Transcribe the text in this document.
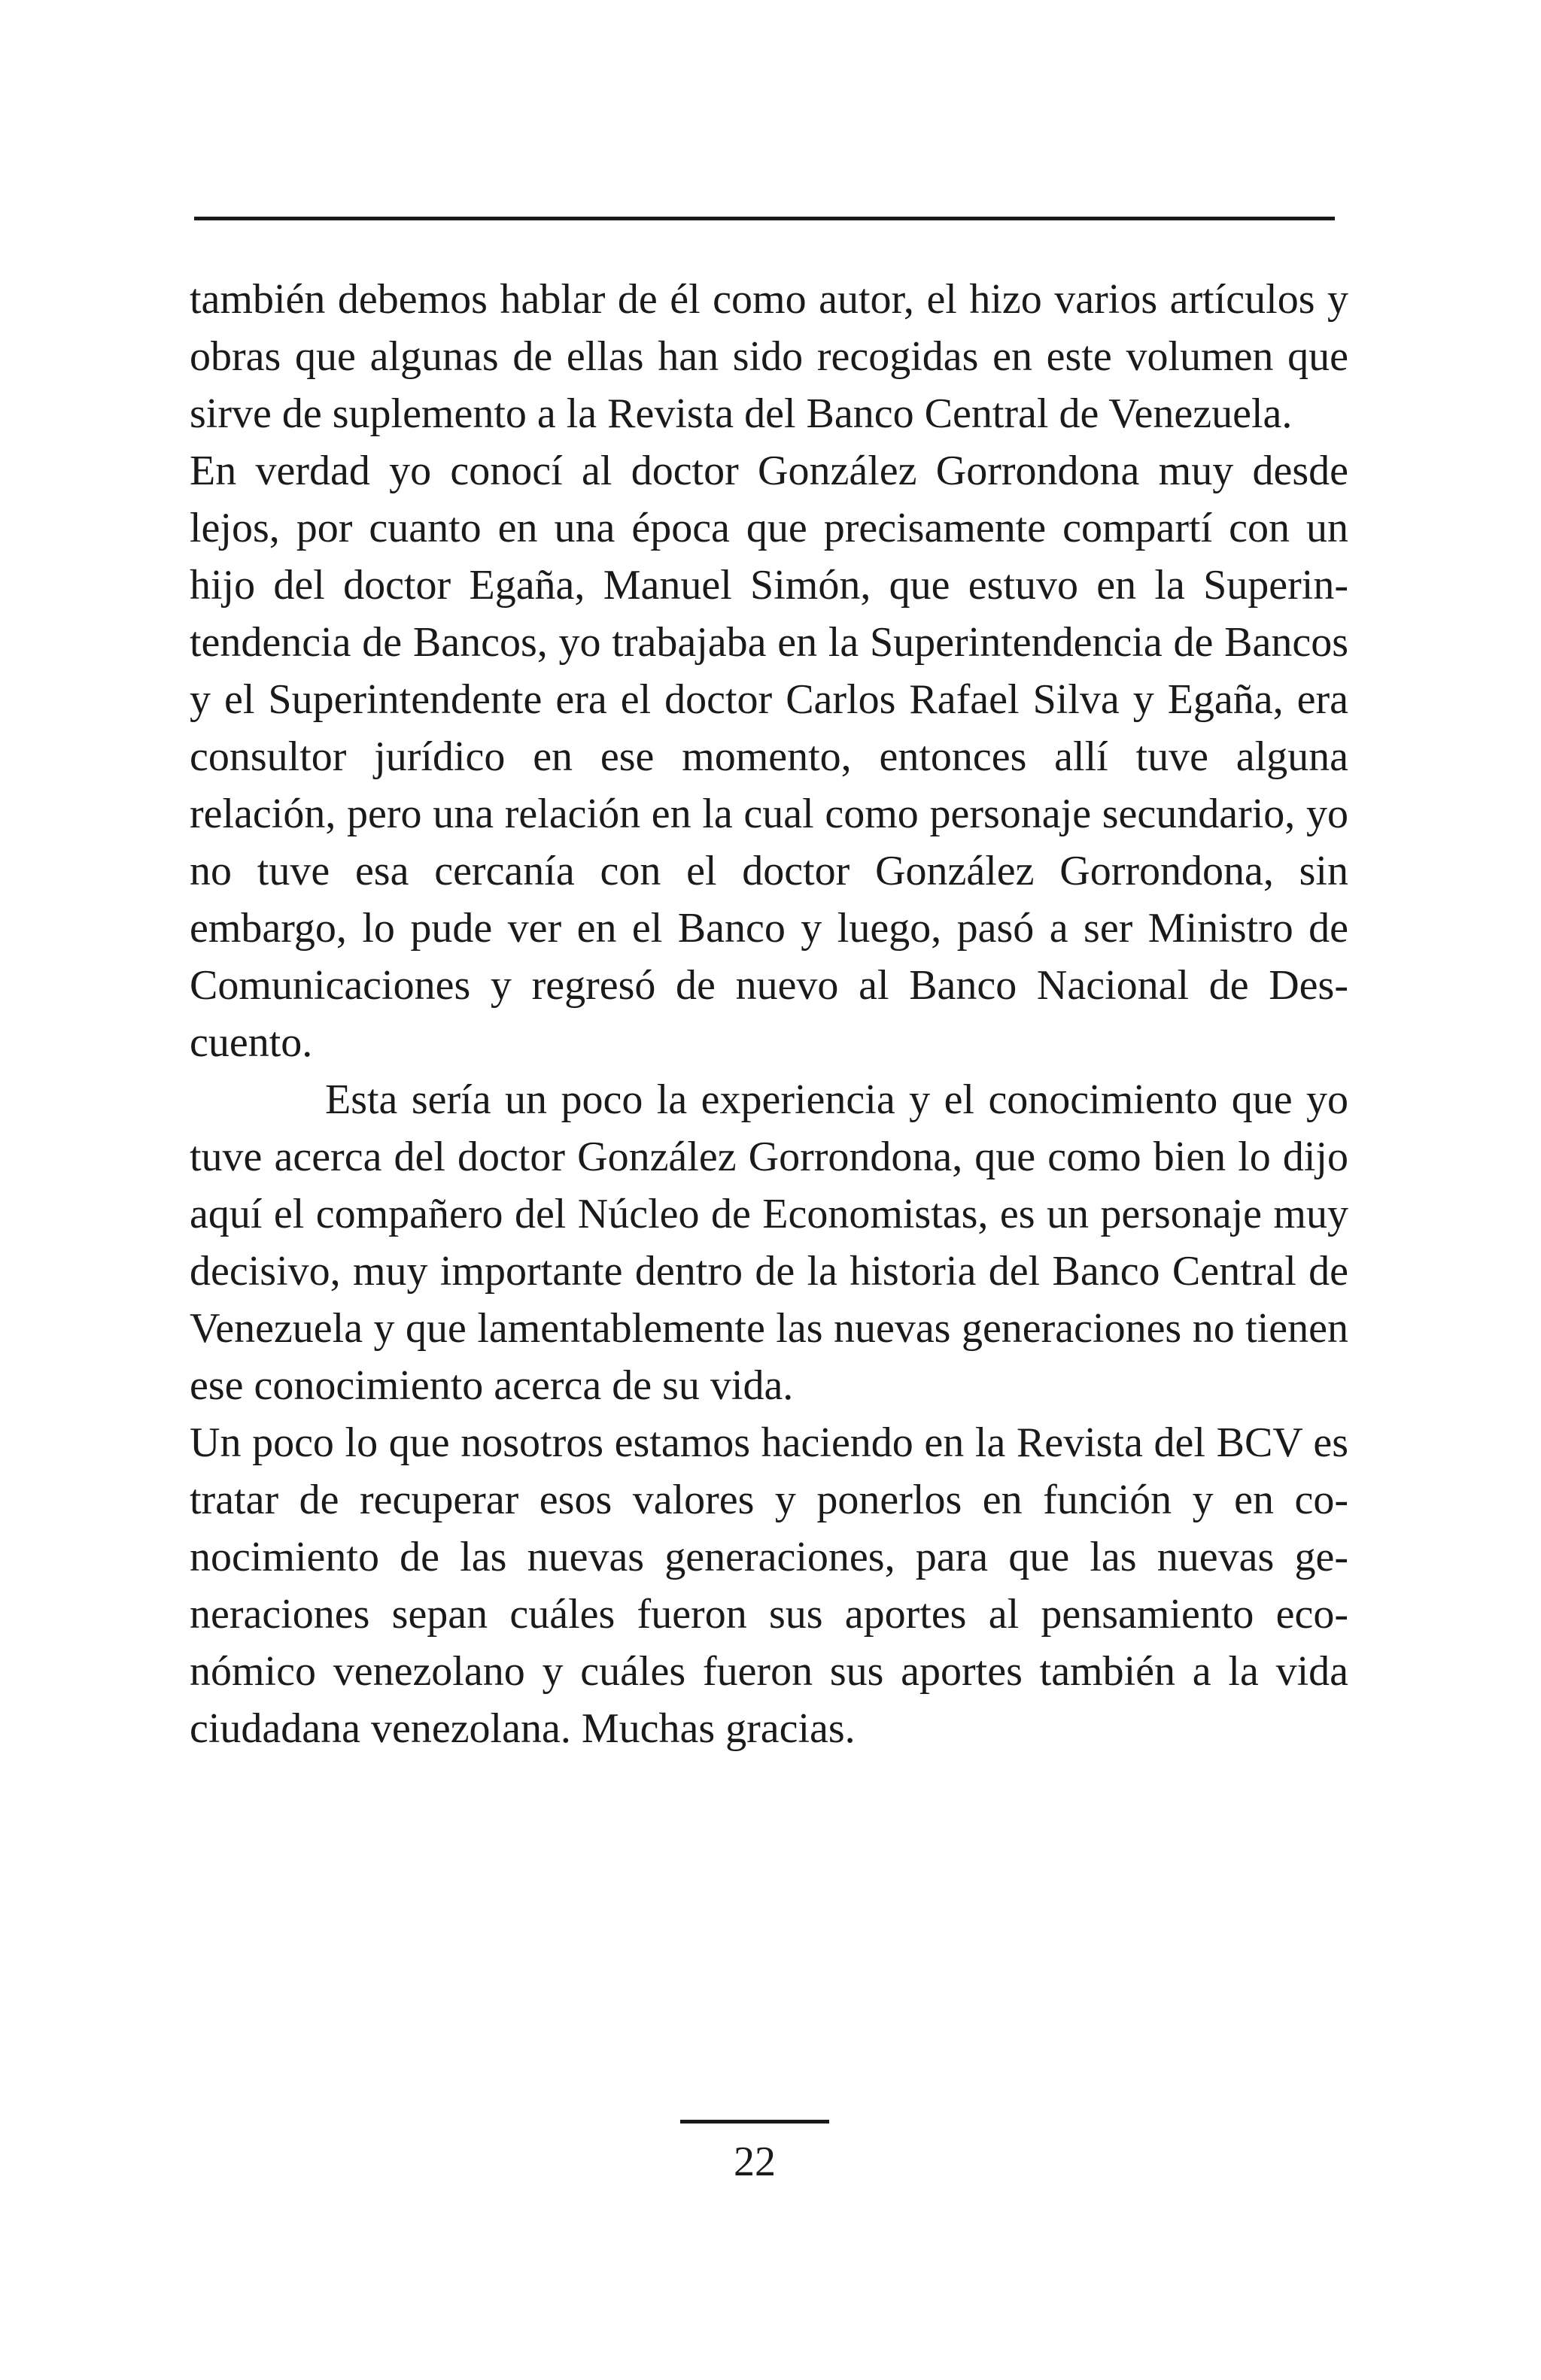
también debemos hablar de él como autor, el hizo varios artículos y obras que algunas de ellas han sido recogidas en este volumen que sirve de suplemento a la Revista del Banco Central de Venezuela.

En verdad yo conocí al doctor González Gorrondona muy desde lejos, por cuanto en una época que precisamente compartí con un hijo del doctor Egaña, Manuel Simón, que estuvo en la Superintendencia de Bancos, yo trabajaba en la Superintendencia de Bancos y el Superintendente era el doctor Carlos Rafael Silva y Egaña, era consultor jurídico en ese momento, entonces allí tuve alguna relación, pero una relación en la cual como personaje secundario, yo no tuve esa cercanía con el doctor González Gorrondona, sin embargo, lo pude ver en el Banco y luego, pasó a ser Ministro de Comunicaciones y regresó de nuevo al Banco Nacional de Descuento.

Esta sería un poco la experiencia y el conocimiento que yo tuve acerca del doctor González Gorrondona, que como bien lo dijo aquí el compañero del Núcleo de Economistas, es un personaje muy decisivo, muy importante dentro de la historia del Banco Central de Venezuela y que lamentablemente las nuevas generaciones no tienen ese conocimiento acerca de su vida.

Un poco lo que nosotros estamos haciendo en la Revista del BCV es tratar de recuperar esos valores y ponerlos en función y en conocimiento de las nuevas generaciones, para que las nuevas generaciones sepan cuáles fueron sus aportes al pensamiento económico venezolano y cuáles fueron sus aportes también a la vida ciudadana venezolana. Muchas gracias.

22
